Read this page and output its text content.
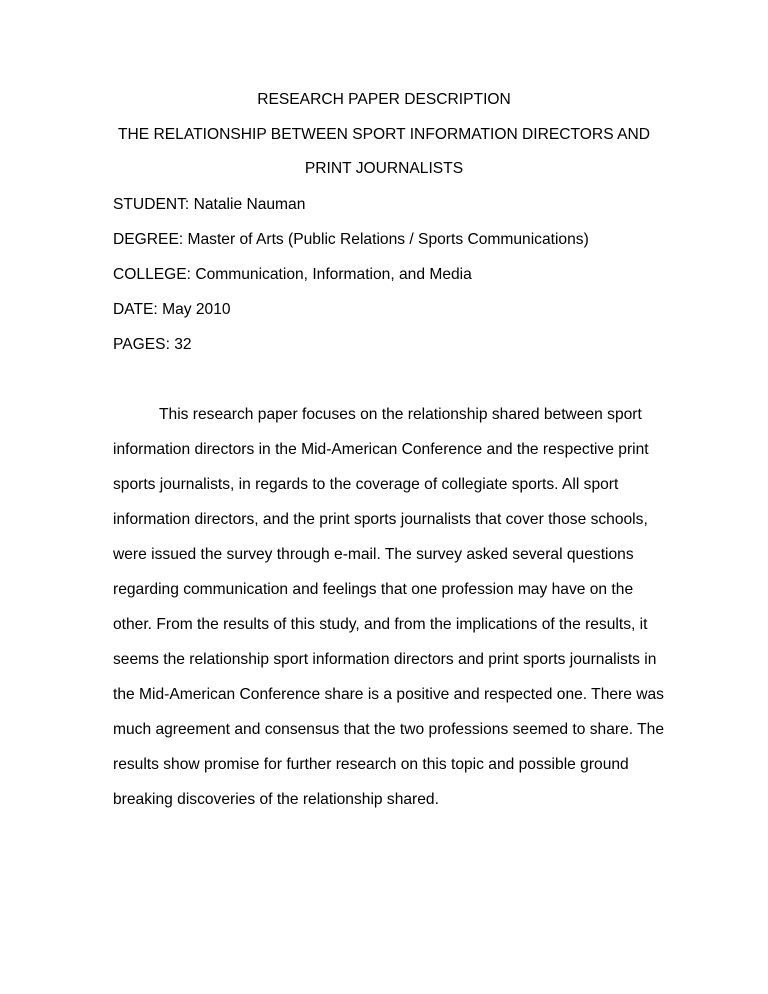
RESEARCH PAPER DESCRIPTION
THE RELATIONSHIP BETWEEN SPORT INFORMATION DIRECTORS AND
PRINT JOURNALISTS
STUDENT: Natalie Nauman
DEGREE: Master of Arts (Public Relations / Sports Communications)
COLLEGE: Communication, Information, and Media
DATE: May 2010
PAGES: 32
This research paper focuses on the relationship shared between sport
information directors in the Mid-American Conference and the respective print
sports journalists, in regards to the coverage of collegiate sports. All sport
information directors, and the print sports journalists that cover those schools,
were issued the survey through e-mail. The survey asked several questions
regarding communication and feelings that one profession may have on the
other. From the results of this study, and from the implications of the results, it
seems the relationship sport information directors and print sports journalists in
the Mid-American Conference share is a positive and respected one. There was
much agreement and consensus that the two professions seemed to share. The
results show promise for further research on this topic and possible ground
breaking discoveries of the relationship shared.
